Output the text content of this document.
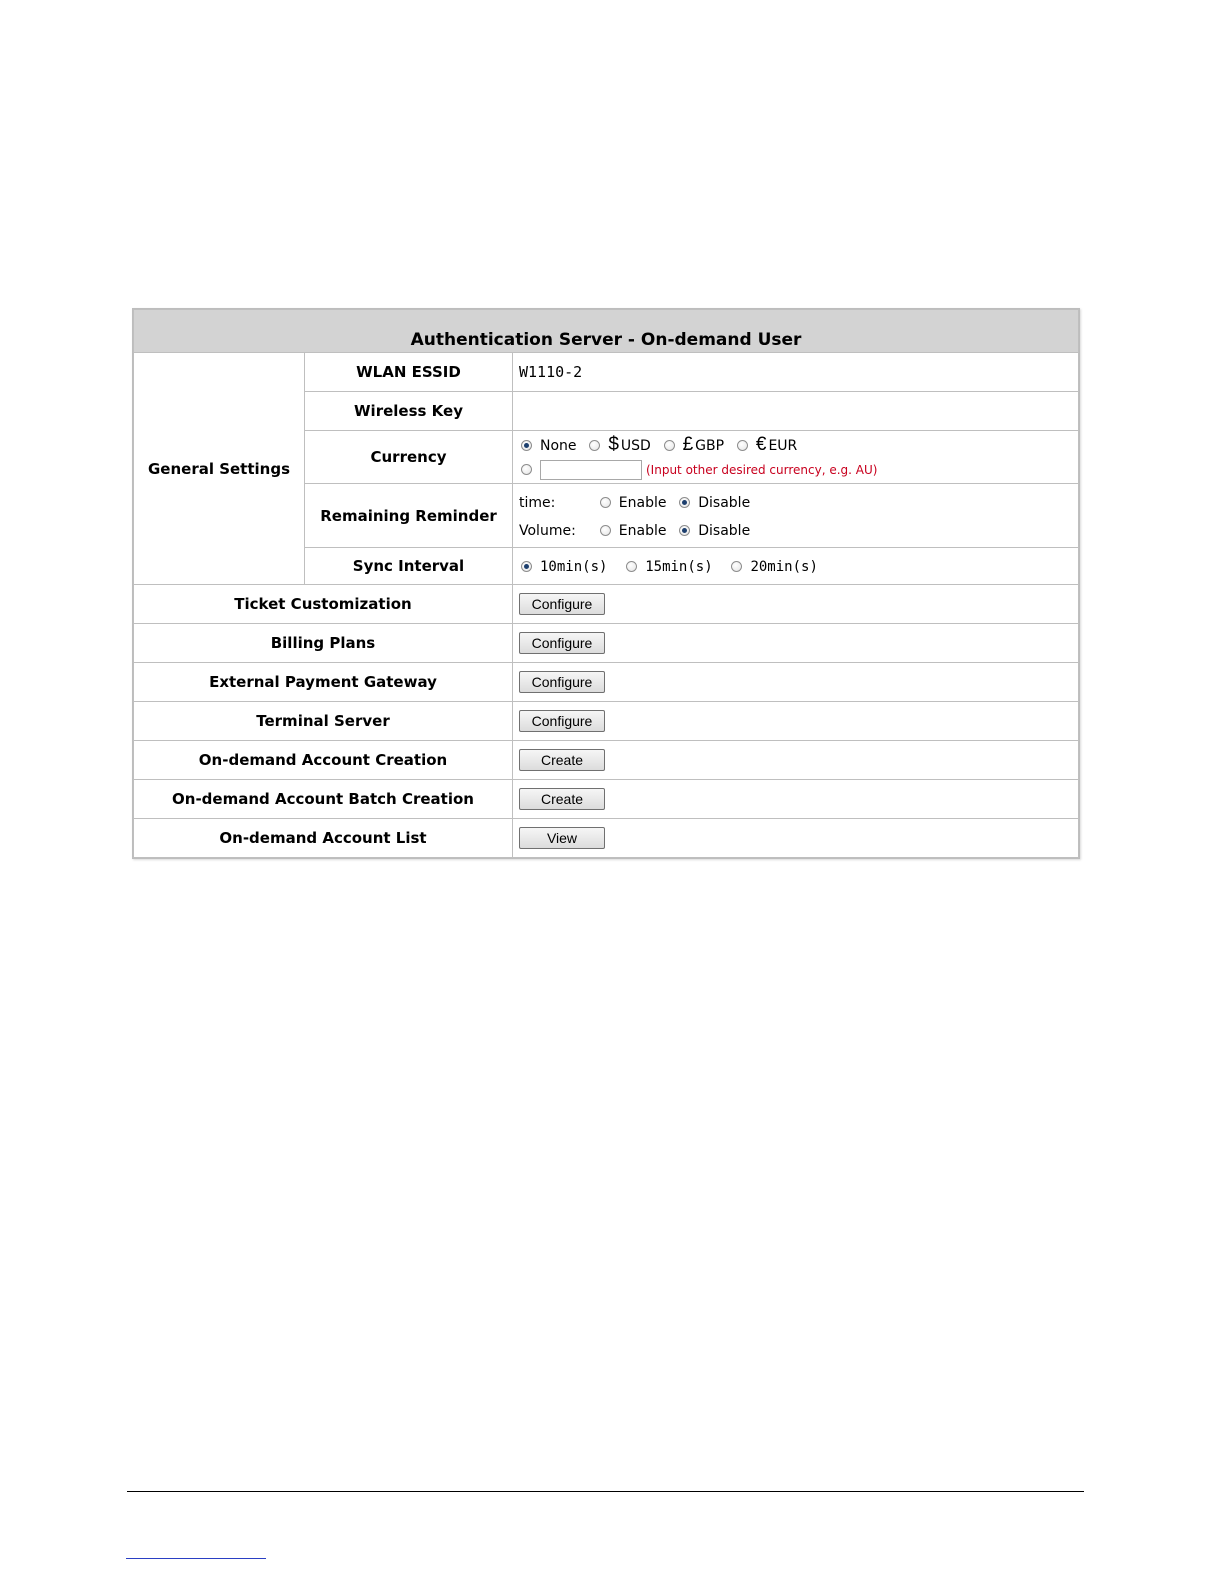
Authentication Server - On-demand User		
General Settings	WLAN ESSID	W1110-2
	Wireless Key	
	Currency	None $ USD £ GBP € EUR
(Input other desired currency, e.g. AU)

	Remaining Reminder	time: Enable Disable
Volume: Enable Disable

	Sync Interval	10min(s) 15min(s) 20min(s)
Ticket Customization		Configure
Billing Plans		Configure
External Payment Gateway		Configure
Terminal Server		Configure
On-demand Account Creation		Create
On-demand Account Batch Creation		Create
On-demand Account List		View
